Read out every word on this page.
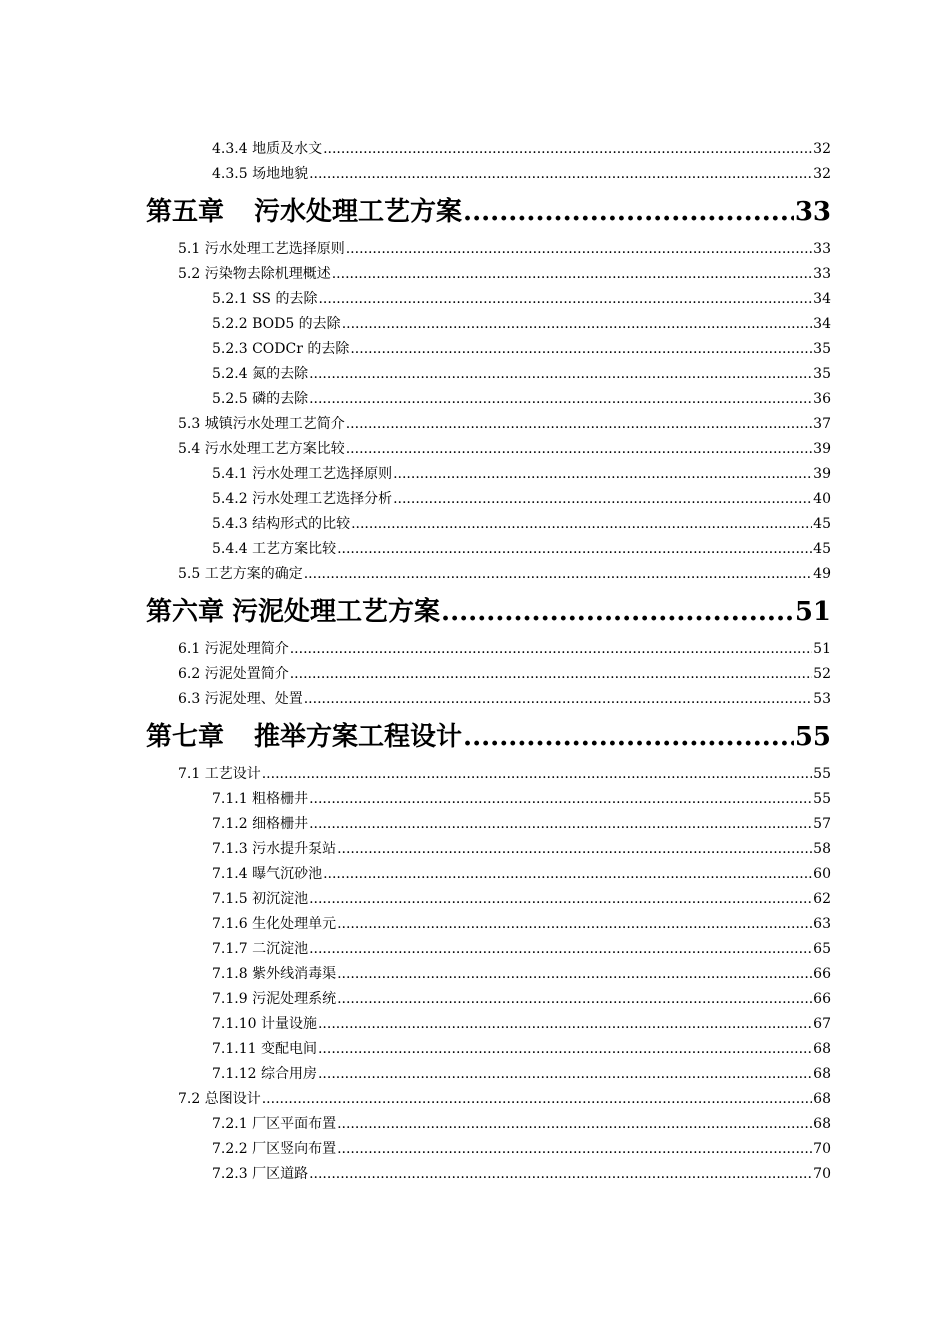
4.3.4 地质及水文 .....	32
4.3.5 场地地貌 .....	32
第五章 污水处理工艺方案 .....	33
5.1 污水处理工艺选择原则 .....	33
5.2 污染物去除机理概述 .....	33
5.2.1 SS 的去除 .....	34
5.2.2 BOD5 的去除 .....	34
5.2.3 CODCr 的去除 .....	35
5.2.4 氮的去除 .....	35
5.2.5 磷的去除 .....	36
5.3 城镇污水处理工艺简介 .....	37
5.4 污水处理工艺方案比较 .....	39
5.4.1 污水处理工艺选择原则 .....	39
5.4.2 污水处理工艺选择分析 .....	40
5.4.3 结构形式的比较 .....	45
5.4.4 工艺方案比较 .....	45
5.5 工艺方案的确定 .....	49
第六章 污泥处理工艺方案 .....	51
6.1 污泥处理简介 .....	51
6.2 污泥处置简介 .....	52
6.3 污泥处理、处置 .....	53
第七章 推举方案工程设计 .....	55
7.1 工艺设计 .....	55
7.1.1 粗格栅井 .....	55
7.1.2 细格栅井 .....	57
7.1.3 污水提升泵站 .....	58
7.1.4 曝气沉砂池 .....	60
7.1.5 初沉淀池 .....	62
7.1.6 生化处理单元 .....	63
7.1.7 二沉淀池 .....	65
7.1.8 紫外线消毒渠 .....	66
7.1.9 污泥处理系统 .....	66
7.1.10 计量设施 .....	67
7.1.11 变配电间 .....	68
7.1.12 综合用房 .....	68
7.2 总图设计 .....	68
7.2.1 厂区平面布置 .....	68
7.2.2 厂区竖向布置 .....	70
7.2.3 厂区道路 .....	70
